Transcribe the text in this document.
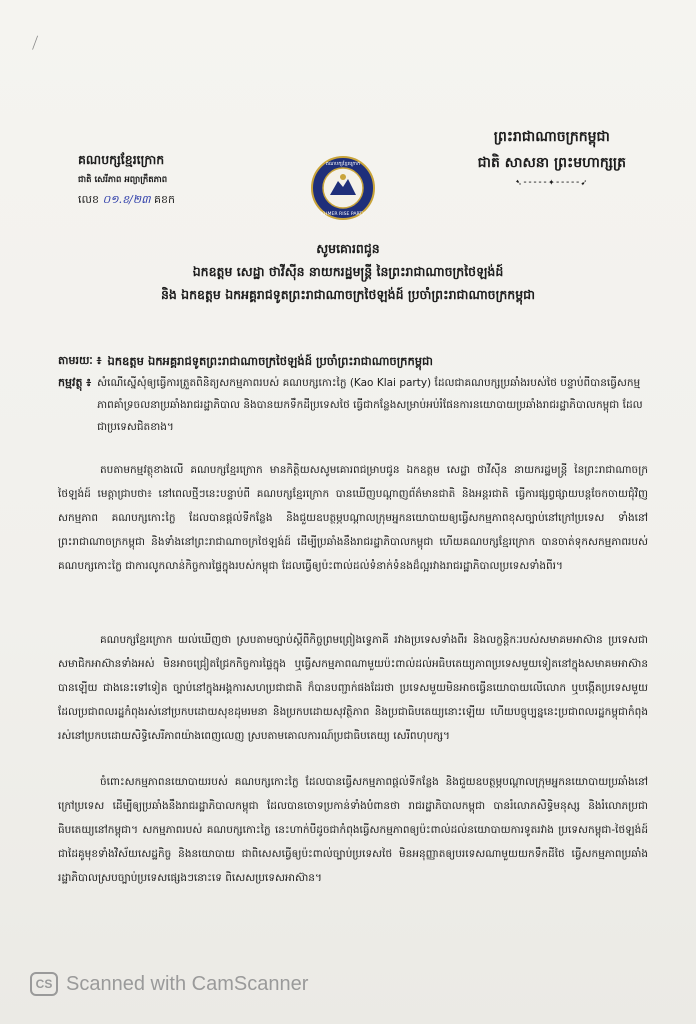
⟋
ព្រះរាជាណាចក្រកម្ពុជា
ជាតិ សាសនា ព្រះមហាក្សត្រ
➷⁃⁃⁃⁃⁃✦⁃⁃⁃⁃⁃➹
គណបក្សខ្មែរក្រោក
ជាតិ សេរីភាព អព្យាក្រឹតភាព
លេខ ០១.ខ/២៣ គខក
គណបក្សខ្មែរក្រោក
KHMER RISE PARTY
សូមគោរពជូន
ឯកឧត្តម សេដ្ឋា ថាវីស៊ីន នាយករដ្ឋមន្ត្រី នៃព្រះរាជាណាចក្រថៃឡង់ដ៍
និង ឯកឧត្តម ឯកអគ្គរាជទូតព្រះរាជាណាចក្រថៃឡង់ដ៍ ប្រចាំព្រះរាជាណាចក្រកម្ពុជា
តាមរយៈ ៖ ឯកឧត្តម ឯកអគ្គរាជទូតព្រះរាជាណាចក្រថៃឡង់ដ៍ ប្រចាំព្រះរាជាណាចក្រកម្ពុជា
កម្មវត្ថុ ៖ សំណើស្នើសុំឲ្យធ្វើការត្រួតពិនិត្យសកម្មភាពរបស់ គណបក្សកោះក្លៃ (Kao Klai party) ដែលជាគណបក្សប្រឆាំងរបស់ថៃ បន្ទាប់ពីបានធ្វើសកម្មភាពគាំទ្រចលនាប្រឆាំងរាជរដ្ឋាភិបាល និងបានយកទឹកដីប្រទេសថៃ ធ្វើជាកន្លែងសម្រាប់អប់រំផែនការនយោបាយប្រឆាំងរាជរដ្ឋាភិបាលកម្ពុជា ដែលជាប្រទេសជិតខាង។

តបតាមកម្មវត្ថុខាងលើ គណបក្សខ្មែរក្រោក មានកិត្តិយសសូមគោរពជម្រាបជូន ឯកឧត្តម សេដ្ឋា ថាវីស៊ីន នាយករដ្ឋមន្ត្រី នៃព្រះរាជាណាចក្រថៃឡង់ដ៍ មេត្តាជ្រាបថា៖ នៅពេលថ្មីៗនេះបន្ទាប់ពី គណបក្សខ្មែរក្រោក បានឃើញបណ្តាញព័ត៌មានជាតិ និងអន្តរជាតិ ធ្វើការផ្សព្វផ្សាយបន្តចែកចាយជុំវិញសកម្មភាព គណបក្សកោះក្លៃ ដែលបានផ្តល់ទីកន្លែង និងជួយឧបត្ថម្ភបណ្តាលក្រុមអ្នកនយោបាយឲ្យធ្វើសកម្មភាពខុសច្បាប់នៅក្រៅប្រទេស ទាំងនៅព្រះរាជាណាចក្រកម្ពុជា និងទាំងនៅព្រះរាជាណាចក្រថៃឡង់ដ៍ ដើម្បីប្រឆាំងនឹងរាជរដ្ឋាភិបាលកម្ពុជា ហើយគណបក្សខ្មែរក្រោក បានចាត់ទុកសកម្មភាពរបស់គណបក្សកោះក្លៃ ជាការលូកលាន់កិច្ចការផ្ទៃក្នុងរបស់កម្ពុជា ដែលធ្វើឲ្យប៉ះពាល់ដល់ទំនាក់ទំនងដ៏ល្អរវាងរាជរដ្ឋាភិបាលប្រទេសទាំងពីរ។

គណបក្សខ្មែរក្រោក យល់ឃើញថា ស្របតាមច្បាប់ស្តីពីកិច្ចព្រមព្រៀងទ្វេភាគី រវាងប្រទេសទាំងពីរ និងលក្ខន្តិកៈរបស់សមាគមអាស៊ាន ប្រទេសជាសមាជិកអាស៊ានទាំងអស់ មិនអាចជ្រៀតជ្រែកកិច្ចការផ្ទៃក្នុង ឬធ្វើសកម្មភាពណាមួយប៉ះពាល់ដល់អធិបតេយ្យភាពប្រទេសមួយទៀតនៅក្នុងសមាគមអាស៊ានបានឡើយ ជាងនេះទៅទៀត ច្បាប់នៅក្នុងអង្គការសហប្រជាជាតិ ក៏បានបញ្ជាក់ផងដែរថា ប្រទេសមួយមិនអាចធ្វើនយោបាយលើលោក ឬបង្កើតប្រទេសមួយដែលប្រជាពលរដ្ឋកំពុងរស់នៅប្រកបដោយសុខដុមរមនា និងប្រកបដោយសុវត្ថិភាព និងប្រជាធិបតេយ្យនោះឡើយ ហើយបច្ចុប្បន្ននេះប្រជាពលរដ្ឋកម្ពុជាកំពុងរស់នៅប្រកបដោយសិទ្ធិសេរីភាពយ៉ាងពេញលេញ ស្របតាមគោលការណ៍ប្រជាធិបតេយ្យ សេរីពហុបក្ស។

ចំពោះសកម្មភាពនយោបាយរបស់ គណបក្សកោះក្លៃ ដែលបានធ្វើសកម្មភាពផ្តល់ទីកន្លែង និងជួយឧបត្ថម្ភបណ្តាលក្រុមអ្នកនយោបាយប្រឆាំងនៅក្រៅប្រទេស ដើម្បីឲ្យប្រឆាំងនឹងរាជរដ្ឋាភិបាលកម្ពុជា ដែលបានចោទប្រកាន់ទាំងបំពានថា រាជរដ្ឋាភិបាលកម្ពុជា បានរំលោភសិទ្ធិមនុស្ស និងរំលោភប្រជាធិបតេយ្យនៅកម្ពុជា។ សកម្មភាពរបស់ គណបក្សកោះក្លៃ នេះហាក់បីដូចជាកំពុងធ្វើសកម្មភាពឲ្យប៉ះពាល់ដល់នយោបាយការទូតរវាង ប្រទេសកម្ពុជា-ថៃឡង់ដ៍ ជាដៃគូមុខទាំងវិស័យសេដ្ឋកិច្ច និងនយោបាយ ជាពិសេសធ្វើឲ្យប៉ះពាល់ច្បាប់ប្រទេសថៃ មិនអនុញ្ញាតឲ្យបរទេសណាមួយយកទឹកដីថៃ ធ្វើសកម្មភាពប្រឆាំងរដ្ឋាភិបាលស្របច្បាប់ប្រទេសផ្សេងៗនោះទេ ពិសេសប្រទេសអាស៊ាន។

CS Scanned with CamScanner
